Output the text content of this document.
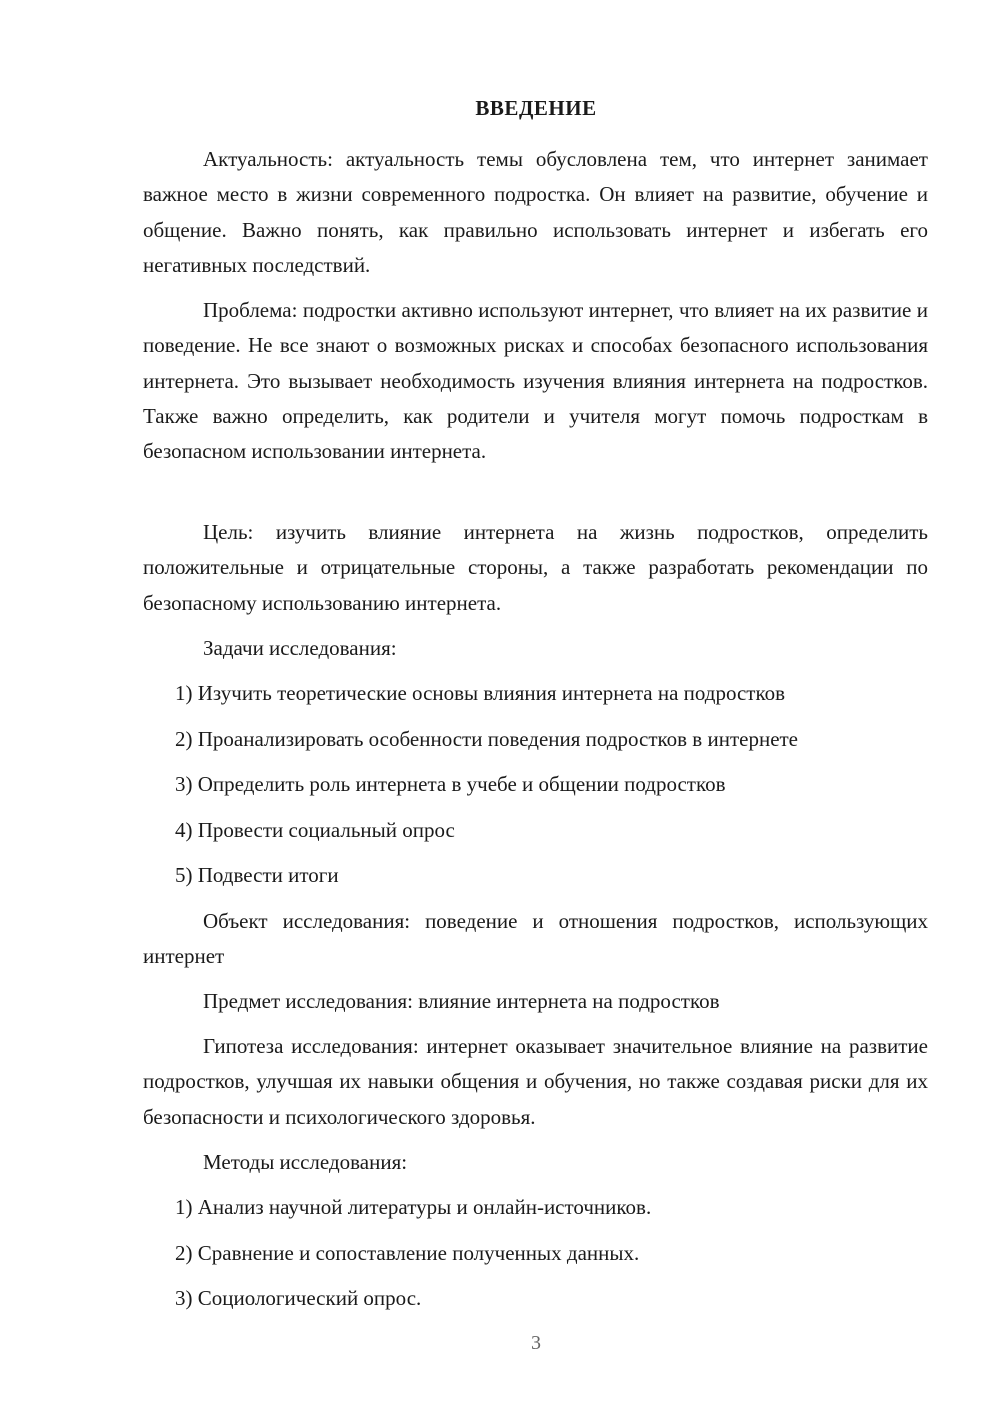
ВВЕДЕНИЕ

Актуальность: актуальность темы обусловлена тем, что интернет занимает важное место в жизни современного подростка. Он влияет на развитие, обучение и общение. Важно понять, как правильно использовать интернет и избегать его негативных последствий.

Проблема: подростки активно используют интернет, что влияет на их развитие и поведение. Не все знают о возможных рисках и способах безопасного использования интернета. Это вызывает необходимость изучения влияния интернета на подростков. Также важно определить, как родители и учителя могут помочь подросткам в безопасном использовании интернета.

Цель: изучить влияние интернета на жизнь подростков, определить положительные и отрицательные стороны, а также разработать рекомендации по безопасному использованию интернета.

Задачи исследования:

1) Изучить теоретические основы влияния интернета на подростков

2) Проанализировать особенности поведения подростков в интернете

3) Определить роль интернета в учебе и общении подростков

4) Провести социальный опрос

5) Подвести итоги

Объект исследования: поведение и отношения подростков, использующих интернет

Предмет исследования: влияние интернета на подростков

Гипотеза исследования: интернет оказывает значительное влияние на развитие подростков, улучшая их навыки общения и обучения, но также создавая риски для их безопасности и психологического здоровья.

Методы исследования:

1) Анализ научной литературы и онлайн-источников.

2) Сравнение и сопоставление полученных данных.

3) Социологический опрос.

3
